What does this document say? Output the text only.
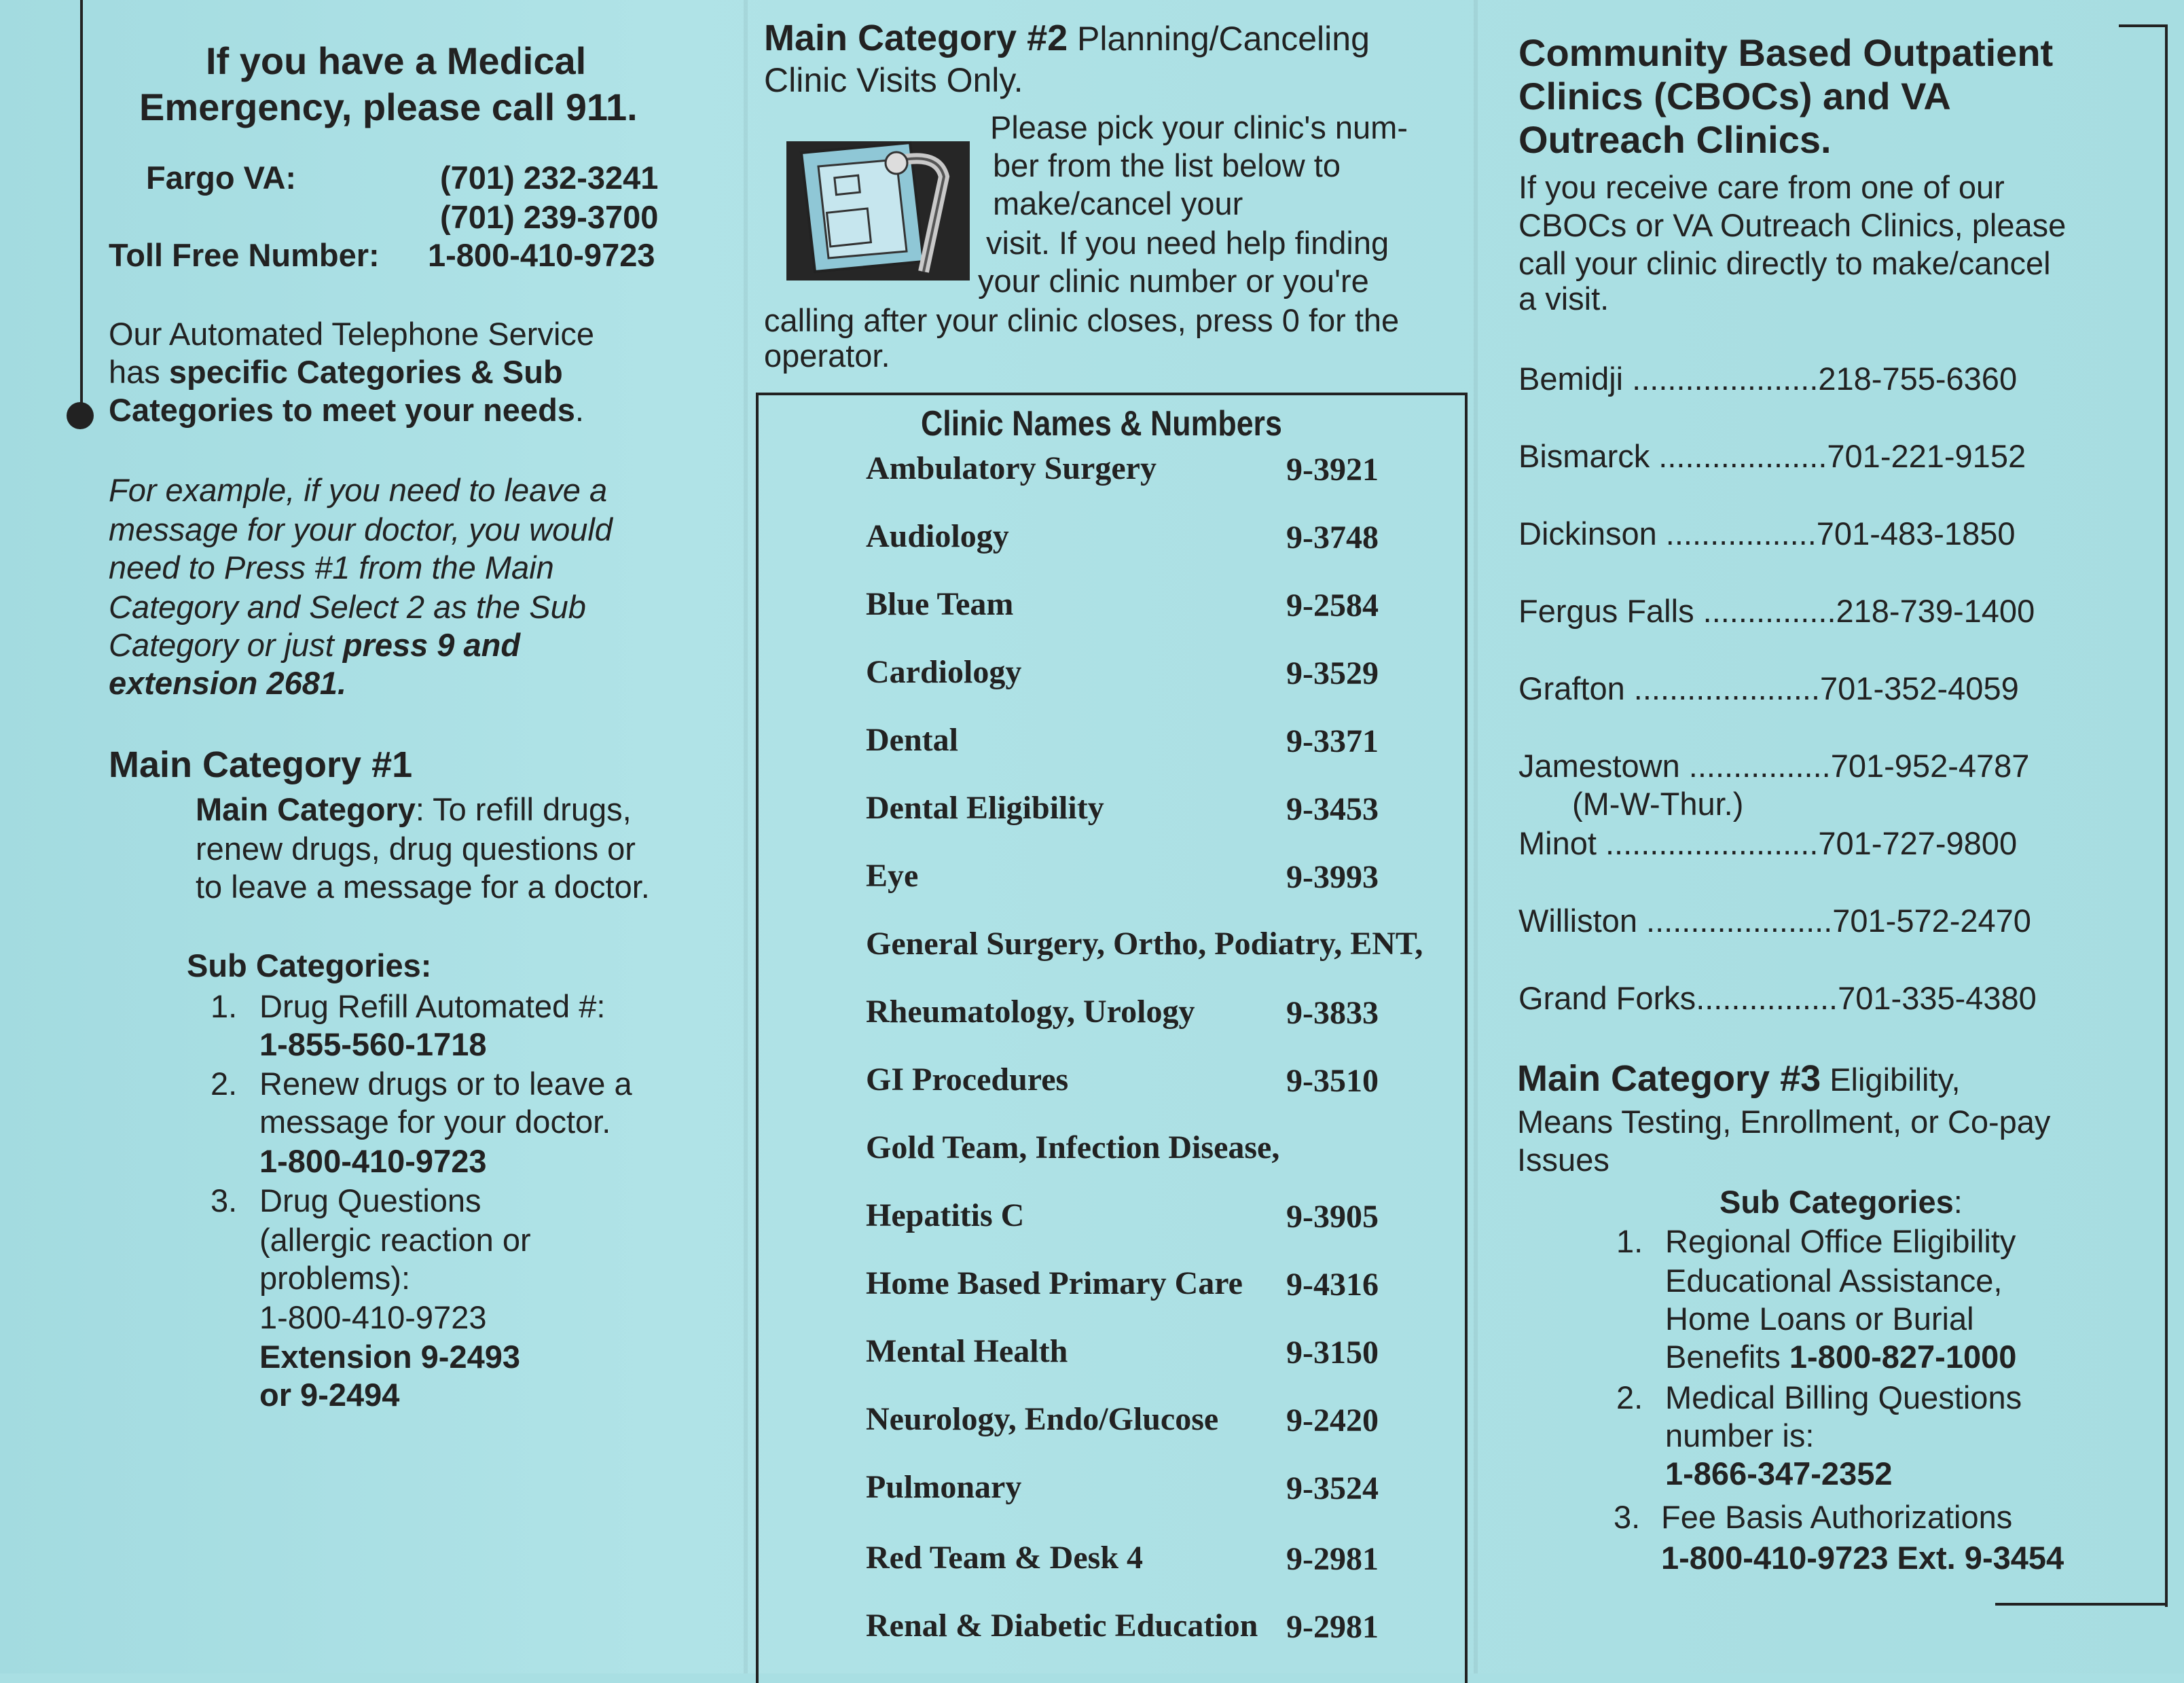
If you have a Medical
Emergency, please call 911.
Fargo VA:	(701) 232-3241
(701) 239-3700
Toll Free Number: 1-800-410-9723
Our Automated Telephone Service
has specific Categories & Sub
Categories to meet your needs.
For example, if you need to leave a
message for your doctor, you would
need to Press #1 from the Main
Category and Select 2 as the Sub
Category or just press 9 and
extension 2681.
Main Category #1
Main Category: To refill drugs,
renew drugs, drug questions or
to leave a message for a doctor.
Sub Categories:
1. Drug Refill Automated #:
1-855-560-1718
2. Renew drugs or to leave a
message for your doctor.
1-800-410-9723
3. Drug Questions
(allergic reaction or
problems):
1-800-410-9723
Extension 9-2493
or 9-2494
Main Category #2 Planning/Canceling
Clinic Visits Only.
Please pick your clinic's num-
ber from the list below to
make/cancel your
visit. If you need help finding
your clinic number or you're
calling after your clinic closes, press 0 for the
operator.
Clinic Names & Numbers
Ambulatory Surgery	9-3921
Audiology	9-3748
Blue Team	9-2584
Cardiology	9-3529
Dental	9-3371
Dental Eligibility	9-3453
Eye	9-3993
General Surgery, Ortho, Podiatry, ENT,
Rheumatology, Urology	9-3833
GI Procedures	9-3510
Gold Team, Infection Disease,
Hepatitis C	9-3905
Home Based Primary Care 9-4316
Mental Health	9-3150
Neurology, Endo/Glucose 9-2420
Pulmonary	9-3524
Red Team & Desk 4	9-2981
Renal & Diabetic Education 9-2981
Community Based Outpatient
Clinics (CBOCs) and VA
Outreach Clinics.
If you receive care from one of our
CBOCs or VA Outreach Clinics, please
call your clinic directly to make/cancel
a visit.
Bemidji .....................218-755-6360
Bismarck ...................701-221-9152
Dickinson .................701-483-1850
Fergus Falls ...............218-739-1400
Grafton .....................701-352-4059
Jamestown ................701-952-4787
Minot ........................701-727-9800
Williston .....................701-572-2470
Grand Forks................701-335-4380
(M-W-Thur.)
Main Category #3 Eligibility,
Means Testing, Enrollment, or Co-pay
Issues
Sub Categories:
1. Regional Office Eligibility
Educational Assistance,
Home Loans or Burial
Benefits 1-800-827-1000
2. Medical Billing Questions
number is:
1-866-347-2352
3. Fee Basis Authorizations
1-800-410-9723 Ext. 9-3454
